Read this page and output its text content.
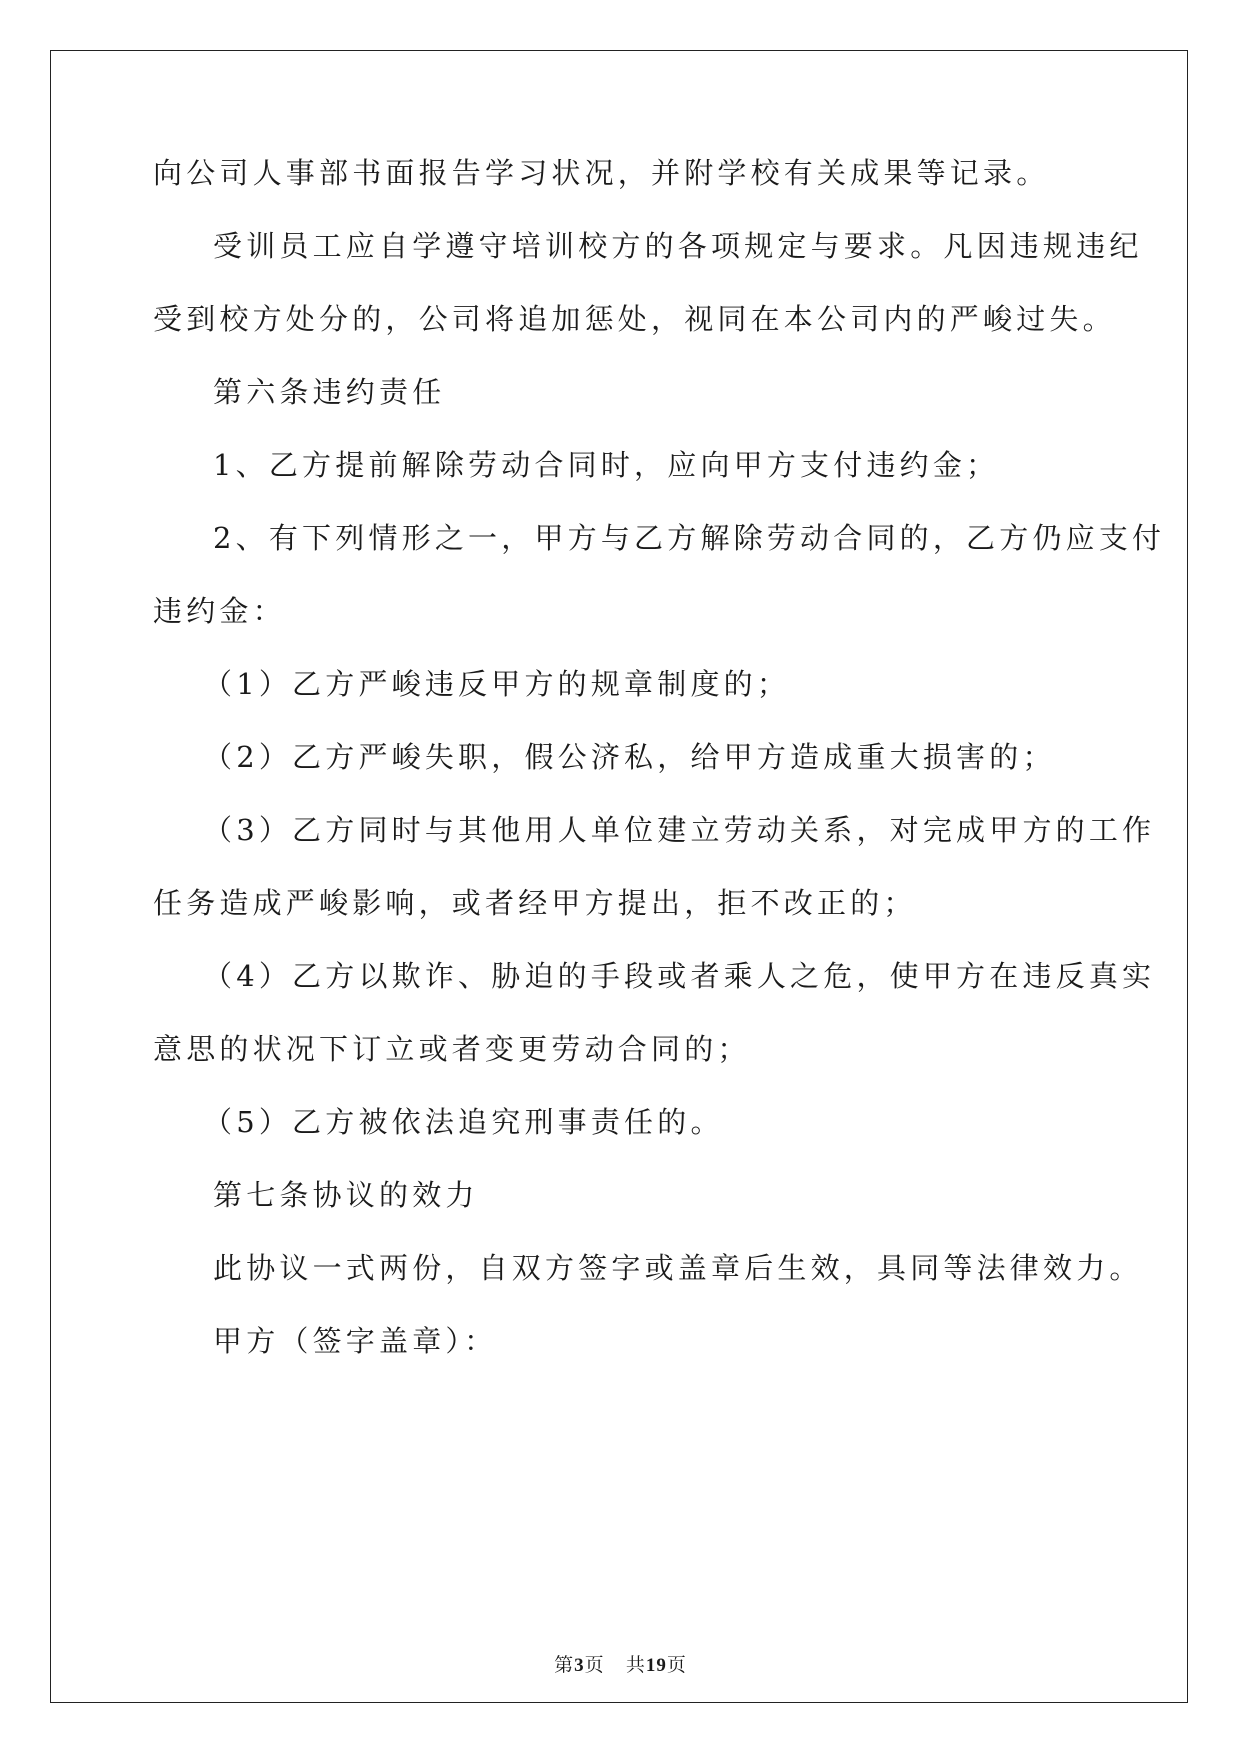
向公司人事部书面报告学习状况，并附学校有关成果等记录。
受训员工应自学遵守培训校方的各项规定与要求。凡因违规违纪
受到校方处分的，公司将追加惩处，视同在本公司内的严峻过失。
第六条违约责任
1、乙方提前解除劳动合同时，应向甲方支付违约金；
2、有下列情形之一，甲方与乙方解除劳动合同的，乙方仍应支付
违约金：
（1）乙方严峻违反甲方的规章制度的；
（2）乙方严峻失职，假公济私，给甲方造成重大损害的；
（3）乙方同时与其他用人单位建立劳动关系，对完成甲方的工作
任务造成严峻影响，或者经甲方提出，拒不改正的；
（4）乙方以欺诈、胁迫的手段或者乘人之危，使甲方在违反真实
意思的状况下订立或者变更劳动合同的；
（5）乙方被依法追究刑事责任的。
第七条协议的效力
此协议一式两份，自双方签字或盖章后生效，具同等法律效力。
甲方（签字盖章）：
第3页 共19页
